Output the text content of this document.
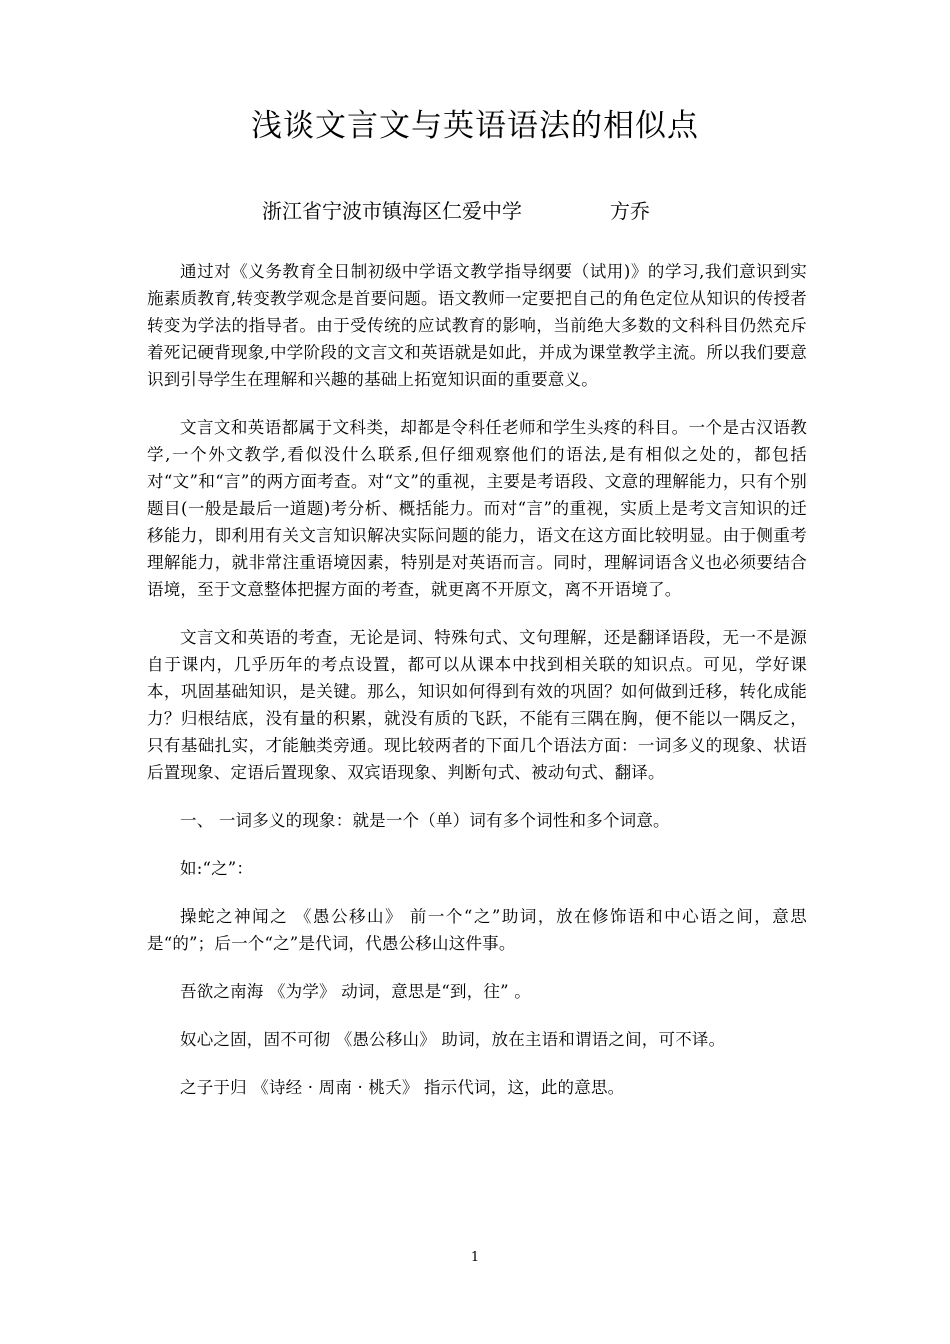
浅谈文言文与英语语法的相似点
浙江省宁波市镇海区仁爱中学	方乔

通过对《义务教育全日制初级中学语文教学指导纲要（试用)》的学习,我们意识到实施素质教育,转变教学观念是首要问题。语文教师一定要把自己的角色定位从知识的传授者转变为学法的指导者。由于受传统的应试教育的影响，当前绝大多数的文科科目仍然充斥着死记硬背现象,中学阶段的文言文和英语就是如此，并成为课堂教学主流。所以我们要意识到引导学生在理解和兴趣的基础上拓宽知识面的重要意义。

文言文和英语都属于文科类，却都是令科任老师和学生头疼的科目。一个是古汉语教学,一个外文教学,看似没什么联系,但仔细观察他们的语法,是有相似之处的，都包括对“文”和“言”的两方面考查。对“文”的重视，主要是考语段、文意的理解能力，只有个别题目(一般是最后一道题)考分析、概括能力。而对“言”的重视，实质上是考文言知识的迁移能力，即利用有关文言知识解决实际问题的能力，语文在这方面比较明显。由于侧重考理解能力，就非常注重语境因素，特别是对英语而言。同时，理解词语含义也必须要结合语境，至于文意整体把握方面的考查，就更离不开原文，离不开语境了。

文言文和英语的考查，无论是词、特殊句式、文句理解，还是翻译语段，无一不是源自于课内，几乎历年的考点设置，都可以从课本中找到相关联的知识点。可见，学好课本，巩固基础知识，是关键。那么，知识如何得到有效的巩固？如何做到迁移，转化成能力？归根结底，没有量的积累，就没有质的飞跃，不能有三隅在胸，便不能以一隅反之，只有基础扎实，才能触类旁通。现比较两者的下面几个语法方面：一词多义的现象、状语后置现象、定语后置现象、双宾语现象、判断句式、被动句式、翻译。

一、 一词多义的现象：就是一个（单）词有多个词性和多个词意。

如:“之”：

操蛇之神闻之 《愚公移山》 前一个“之”助词，放在修饰语和中心语之间，意思是“的”；后一个“之”是代词，代愚公移山这件事。

吾欲之南海 《为学》 动词，意思是“到，往” 。

奴心之固，固不可彻 《愚公移山》 助词，放在主语和谓语之间，可不译。

之子于归 《诗经 · 周南 · 桃夭》 指示代词，这，此的意思。

1
